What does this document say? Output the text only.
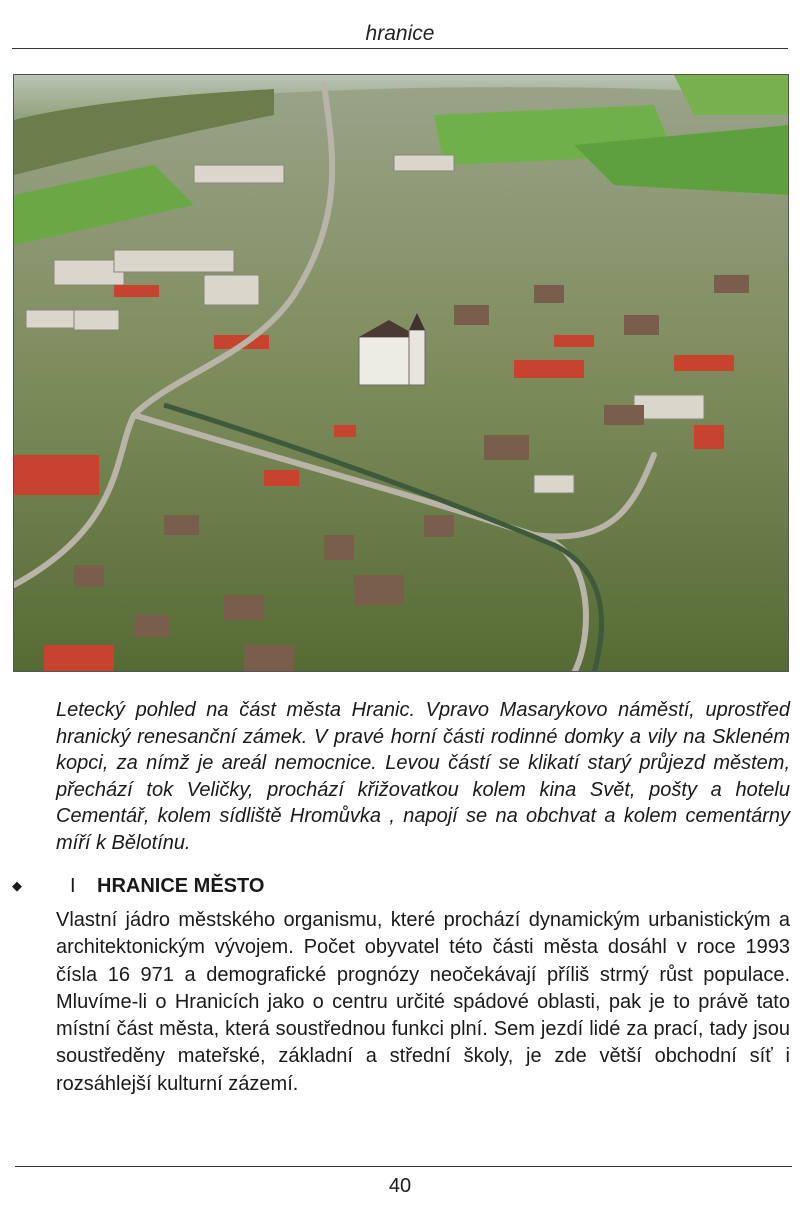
hranice
Letecký pohled na část města Hranic. Vpravo Masarykovo náměstí, uprostřed hranický renesanční zámek. V pravé horní části rodinné domky a vily na Skleném kopci, za nímž je areál nemocnice. Levou částí se klikatí starý průjezd městem, přechází tok Veličky, prochází křižovatkou kolem kina Svět, pošty a hotelu Cementář, kolem sídliště Hromůvka , napojí se na obchvat a kolem cementárny míří k Bělotínu.
◆ I HRANICE MĚSTO
Vlastní jádro městského organismu, které prochází dynamickým urbanistickým a architektonickým vývojem. Počet obyvatel této části města dosáhl v roce 1993 čísla 16 971 a demografické prognózy neočekávají příliš strmý růst populace. Mluvíme-li o Hranicích jako o centru určité spádové oblasti, pak je to právě tato místní část města, která soustřednou funkci plní. Sem jezdí lidé za prací, tady jsou soustředěny mateřské, základní a střední školy, je zde větší obchodní síť i rozsáhlejší kulturní zázemí.
40
